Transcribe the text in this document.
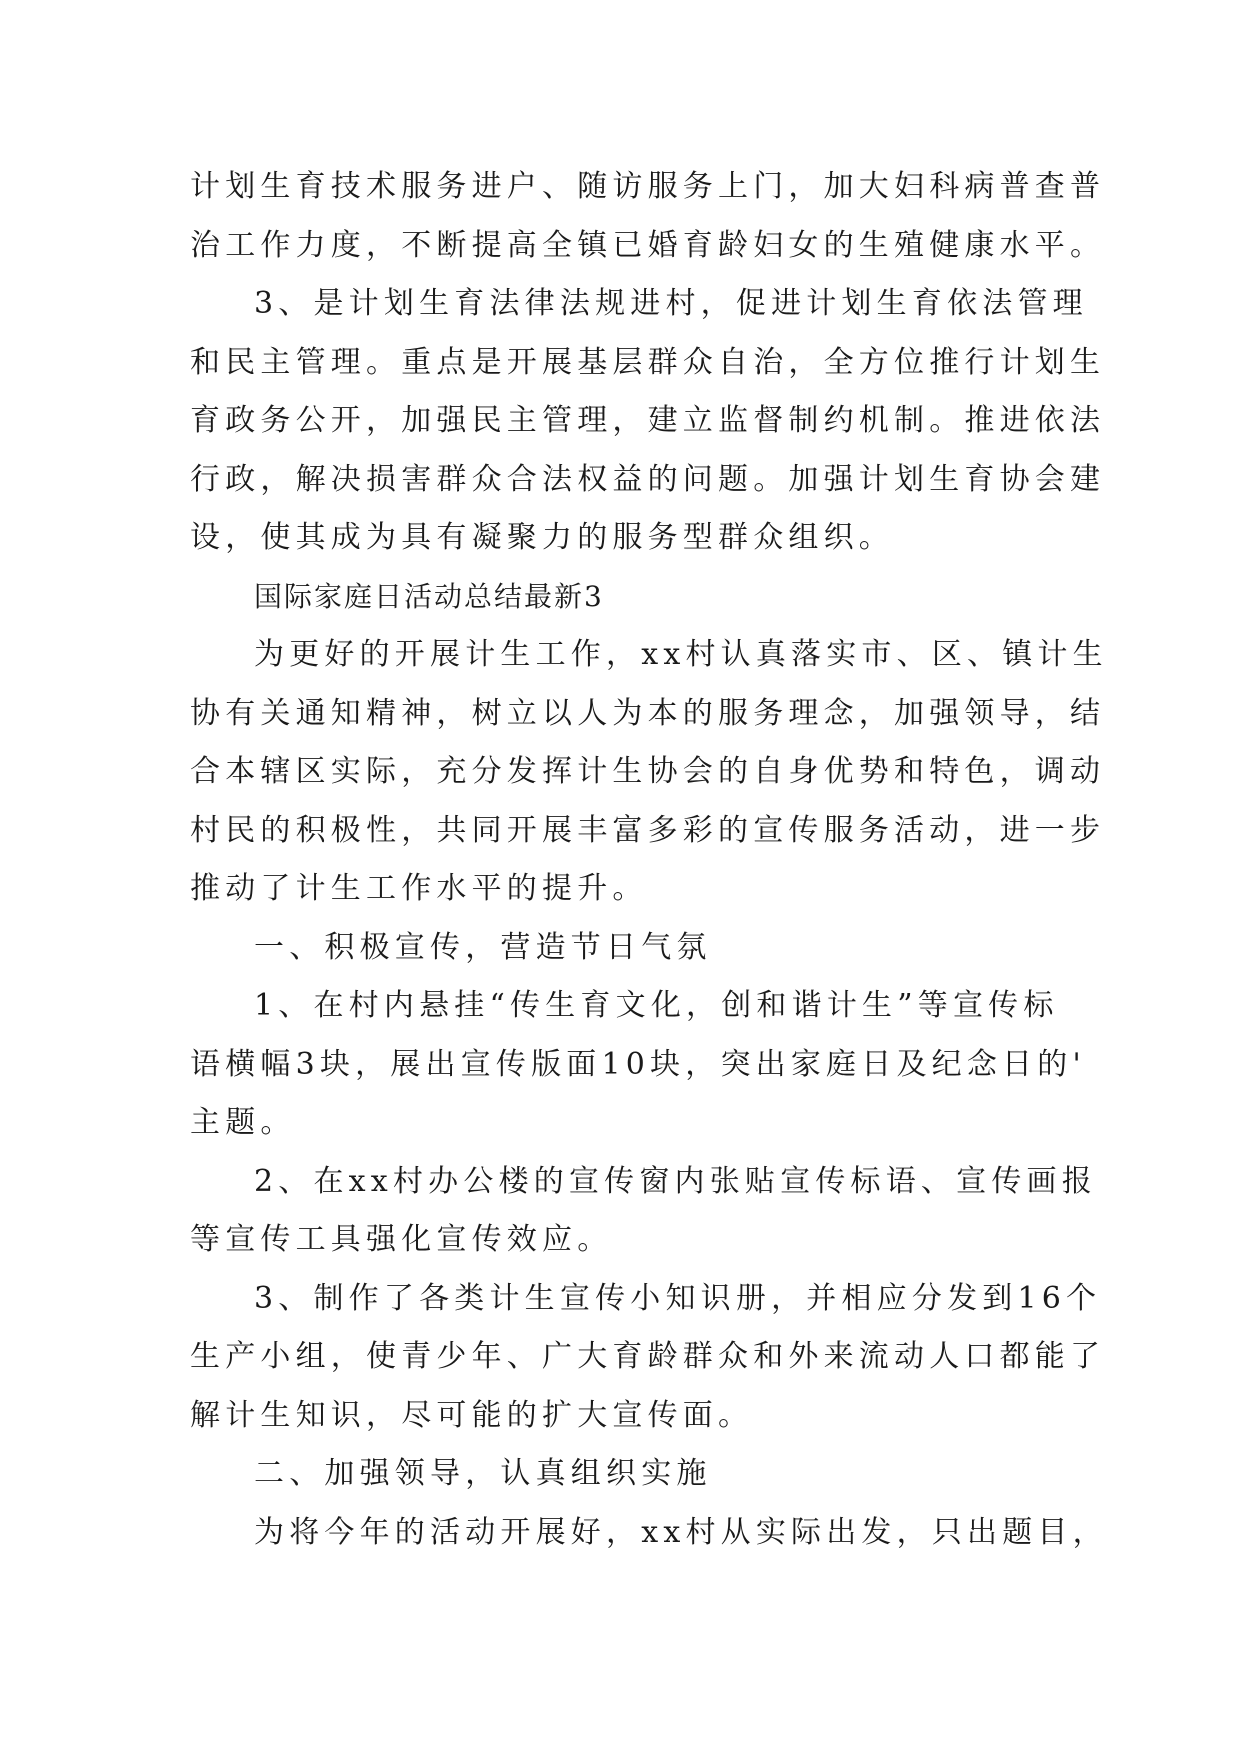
计划生育技术服务进户、随访服务上门，加大妇科病普查普
治工作力度，不断提高全镇已婚育龄妇女的生殖健康水平。
3、是计划生育法律法规进村，促进计划生育依法管理
和民主管理。重点是开展基层群众自治，全方位推行计划生
育政务公开，加强民主管理，建立监督制约机制。推进依法
行政，解决损害群众合法权益的问题。加强计划生育协会建
设，使其成为具有凝聚力的服务型群众组织。
国际家庭日活动总结最新3
为更好的开展计生工作，xx村认真落实市、区、镇计生
协有关通知精神，树立以人为本的服务理念，加强领导，结
合本辖区实际，充分发挥计生协会的自身优势和特色，调动
村民的积极性，共同开展丰富多彩的宣传服务活动，进一步
推动了计生工作水平的提升。
一、积极宣传，营造节日气氛
1、在村内悬挂“传生育文化，创和谐计生”等宣传标
语横幅3块，展出宣传版面10块，突出家庭日及纪念日的'
主题。
2、在xx村办公楼的宣传窗内张贴宣传标语、宣传画报
等宣传工具强化宣传效应。
3、制作了各类计生宣传小知识册，并相应分发到16个
生产小组，使青少年、广大育龄群众和外来流动人口都能了
解计生知识，尽可能的扩大宣传面。
二、加强领导，认真组织实施
为将今年的活动开展好，xx村从实际出发，只出题目，
